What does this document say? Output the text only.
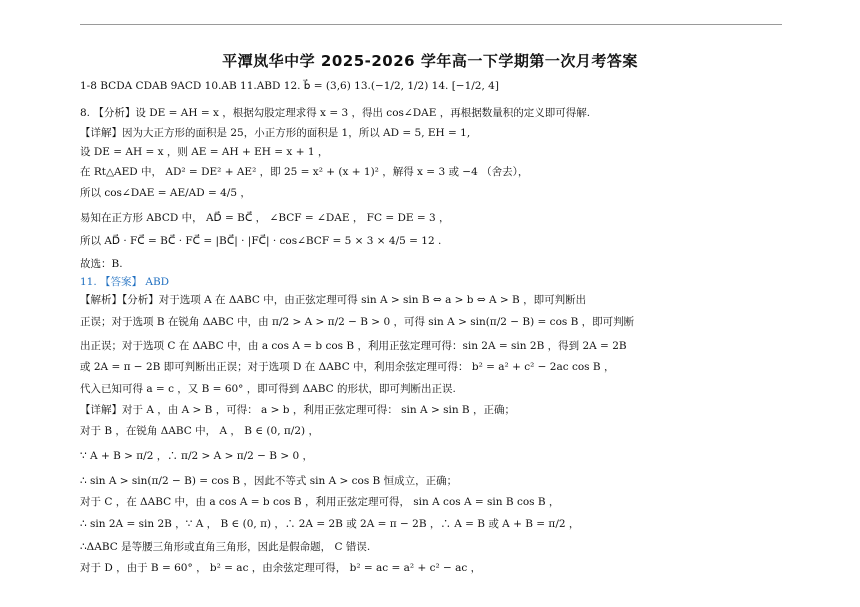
平潭岚华中学 2025-2026 学年高一下学期第一次月考答案
1-8 BCDA CDAB 9ACD 10.AB 11.ABD 12. b⃗ = (3,6) 13.(−1/2, 1/2) 14. [−1/2, 4]
8. 【分析】设 DE = AH = x ，根据勾股定理求得 x = 3 ，得出 cos∠DAE ，再根据数量积的定义即可得解.
【详解】因为大正方形的面积是 25，小正方形的面积是 1，所以 AD = 5, EH = 1,
设 DE = AH = x ，则 AE = AH + EH = x + 1 ，
在 Rt△AED 中， AD² = DE² + AE² ，即 25 = x² + (x + 1)² ，解得 x = 3 或 −4 （舍去），
所以 cos∠DAE = AE/AD = 4/5 ，
易知在正方形 ABCD 中， AD⃗ = BC⃗ ， ∠BCF = ∠DAE ， FC = DE = 3 ，
所以 AD⃗ · FC⃗ = BC⃗ · FC⃗ = |BC⃗| · |FC⃗| · cos∠BCF = 5 × 3 × 4/5 = 12 .
故选：B.
11. 【答案】 ABD
【解析】【分析】对于选项 A 在 ΔABC 中，由正弦定理可得 sin A > sin B ⇔ a > b ⇔ A > B ，即可判断出
正误；对于选项 B 在锐角 ΔABC 中，由 π/2 > A > π/2 − B > 0 ，可得 sin A > sin(π/2 − B) = cos B ，即可判断
出正误；对于选项 C 在 ΔABC 中，由 a cos A = b cos B ，利用正弦定理可得：sin 2A = sin 2B ，得到 2A = 2B
或 2A = π − 2B 即可判断出正误；对于选项 D 在 ΔABC 中，利用余弦定理可得： b² = a² + c² − 2ac cos B ，
代入已知可得 a = c ，又 B = 60° ，即可得到 ΔABC 的形状，即可判断出正误.
【详解】对于 A ，由 A > B ，可得： a > b ，利用正弦定理可得： sin A > sin B ，正确；
对于 B ，在锐角 ΔABC 中， A ， B ∈ (0, π/2) ，
∵ A + B > π/2 ，∴ π/2 > A > π/2 − B > 0 ，
∴ sin A > sin(π/2 − B) = cos B ，因此不等式 sin A > cos B 恒成立，正确；
对于 C ，在 ΔABC 中，由 a cos A = b cos B ，利用正弦定理可得， sin A cos A = sin B cos B ，
∴ sin 2A = sin 2B ，∵ A ， B ∈ (0, π) ，∴ 2A = 2B 或 2A = π − 2B ，∴ A = B 或 A + B = π/2 ，
∴ΔABC 是等腰三角形或直角三角形，因此是假命题， C 错误.
对于 D ，由于 B = 60° ， b² = ac ，由余弦定理可得， b² = ac = a² + c² − ac ，
